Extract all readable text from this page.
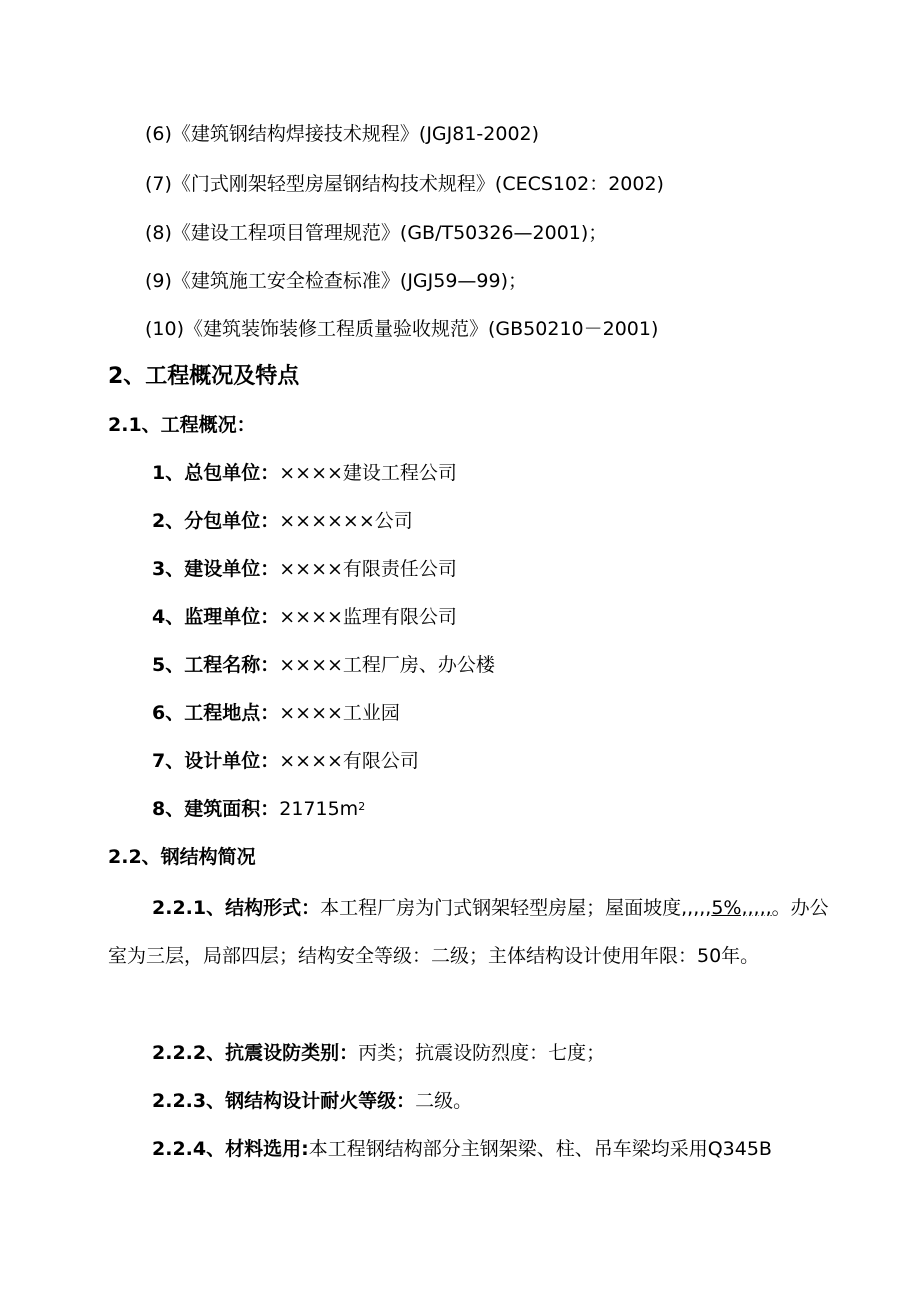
(6)《建筑钢结构焊接技术规程》(JGJ81-2002)
(7)《门式刚架轻型房屋钢结构技术规程》(CECS102：2002)
(8)《建设工程项目管理规范》(GB/T50326—2001)；
(9)《建筑施工安全检查标准》(JGJ59—99)；
(10)《建筑装饰装修工程质量验收规范》(GB50210－2001)
2、工程概况及特点
2.1、工程概况：
1、总包单位：××××建设工程公司
2、分包单位：××××××公司
3、建设单位：××××有限责任公司
4、监理单位：××××监理有限公司
5、工程名称：××××工程厂房、办公楼
6、工程地点：××××工业园
7、设计单位：××××有限公司
8、建筑面积：$21715m^2$
2.2、钢结构简况
2.2.1、结构形式：本工程厂房为门式钢架轻型房屋；屋面坡度,,,,,5%,,,,,。办公室为三层，局部四层；结构安全等级：二级；主体结构设计使用年限：50年。
2.2.2、抗震设防类别：丙类；抗震设防烈度：七度；
2.2.3、钢结构设计耐火等级：二级。
2.2.4、材料选用:本工程钢结构部分主钢架梁、柱、吊车梁均采用Q345B
